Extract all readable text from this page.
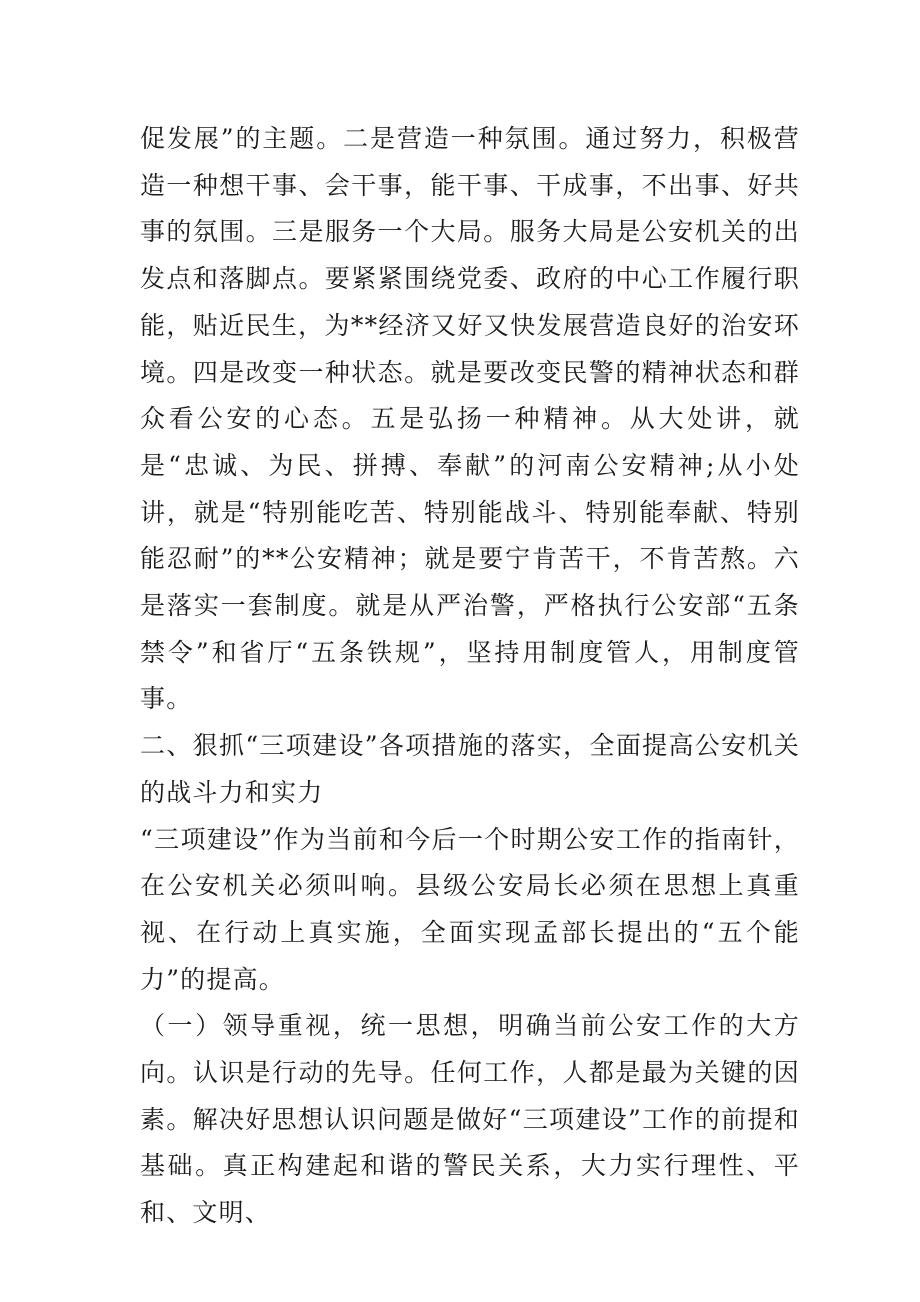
促发展”的主题。二是营造一种氛围。通过努力，积极营造一种想干事、会干事，能干事、干成事，不出事、好共事的氛围。三是服务一个大局。服务大局是公安机关的出发点和落脚点。要紧紧围绕党委、政府的中心工作履行职能，贴近民生，为**经济又好又快发展营造良好的治安环境。四是改变一种状态。就是要改变民警的精神状态和群众看公安的心态。五是弘扬一种精神。从大处讲，就是“忠诚、为民、拼搏、奉献”的河南公安精神;从小处讲，就是“特别能吃苦、特别能战斗、特别能奉献、特别能忍耐”的**公安精神；就是要宁肯苦干，不肯苦熬。六是落实一套制度。就是从严治警，严格执行公安部“五条禁令”和省厅“五条铁规”，坚持用制度管人，用制度管事。

二、狠抓“三项建设”各项措施的落实，全面提高公安机关的战斗力和实力

“三项建设”作为当前和今后一个时期公安工作的指南针，在公安机关必须叫响。县级公安局长必须在思想上真重视、在行动上真实施，全面实现孟部长提出的“五个能力”的提高。

（一）领导重视，统一思想，明确当前公安工作的大方向。认识是行动的先导。任何工作，人都是最为关键的因素。解决好思想认识问题是做好“三项建设”工作的前提和基础。真正构建起和谐的警民关系，大力实行理性、平和、文明、
